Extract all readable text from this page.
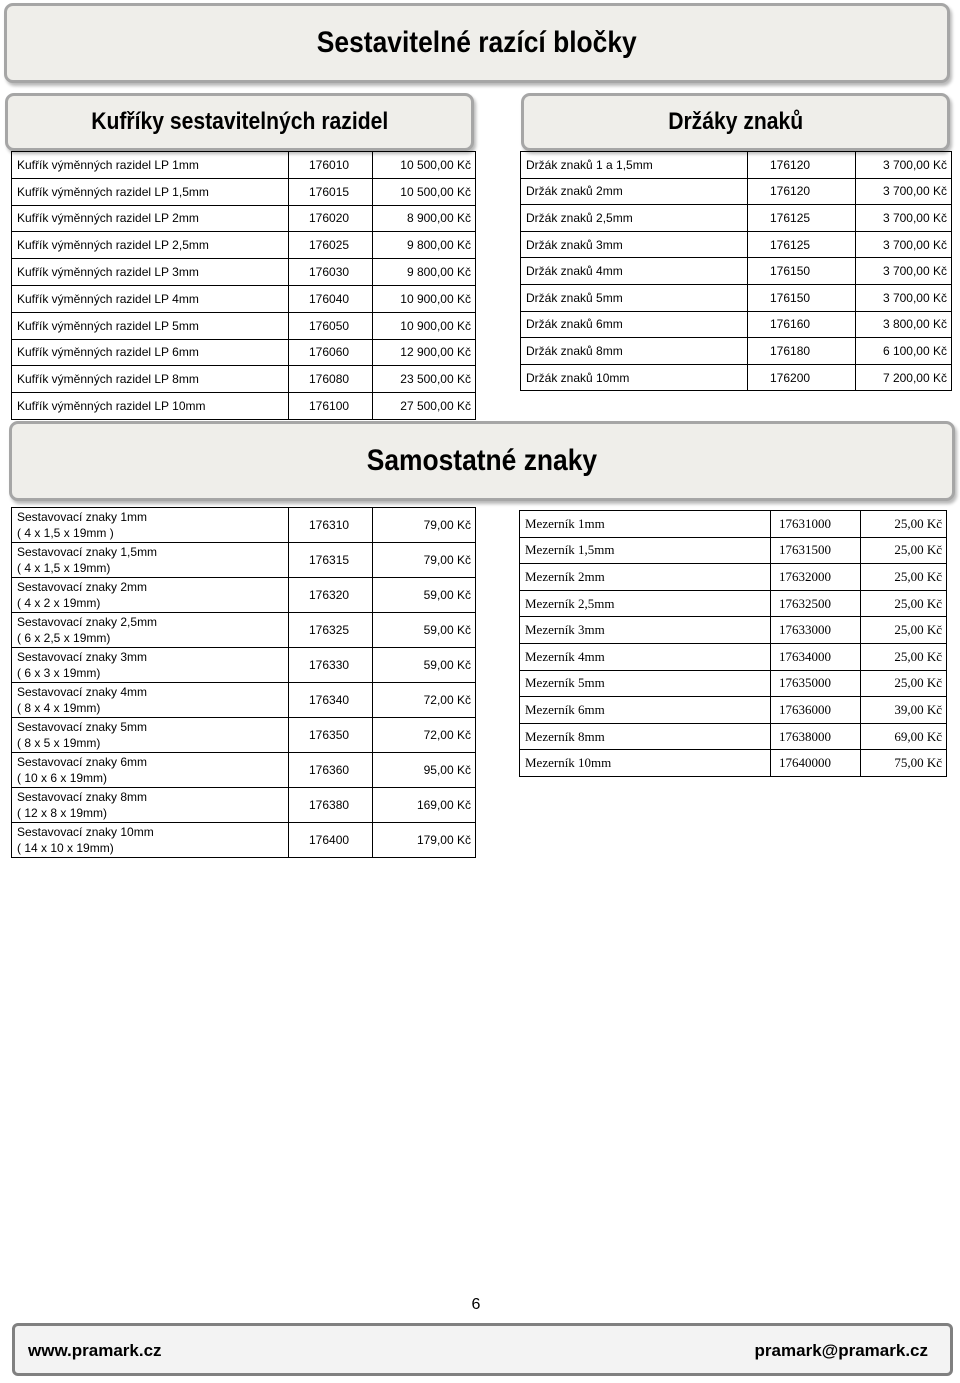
Sestavitelné razící bločky
Kufříky sestavitelných razidel	Držáky znaků
Kufřík výměnných razidel LP 1mm	176010	10 500,00 Kč
Kufřík výměnných razidel LP 1,5mm	176015	10 500,00 Kč
Kufřík výměnných razidel LP 2mm	176020	8 900,00 Kč
Kufřík výměnných razidel LP 2,5mm	176025	9 800,00 Kč
Kufřík výměnných razidel LP 3mm	176030	9 800,00 Kč
Kufřík výměnných razidel LP 4mm	176040	10 900,00 Kč
Kufřík výměnných razidel LP 5mm	176050	10 900,00 Kč
Kufřík výměnných razidel LP 6mm	176060	12 900,00 Kč
Kufřík výměnných razidel LP 8mm	176080	23 500,00 Kč
Kufřík výměnných razidel LP 10mm	176100	27 500,00 Kč
Držák znaků 1 a 1,5mm	176120	3 700,00 Kč
Držák znaků 2mm	176120	3 700,00 Kč
Držák znaků 2,5mm	176125	3 700,00 Kč
Držák znaků 3mm	176125	3 700,00 Kč
Držák znaků 4mm	176150	3 700,00 Kč
Držák znaků 5mm	176150	3 700,00 Kč
Držák znaků 6mm	176160	3 800,00 Kč
Držák znaků 8mm	176180	6 100,00 Kč
Držák znaků 10mm	176200	7 200,00 Kč
Samostatné znaky
Sestavovací znaky 1mm
( 4 x 1,5 x 19mm )	176310	79,00 Kč

Sestavovací znaky 1,5mm
( 4 x 1,5 x 19mm)	176315	79,00 Kč

Sestavovací znaky 2mm
( 4 x 2 x 19mm)	176320	59,00 Kč

Sestavovací znaky 2,5mm
( 6 x 2,5 x 19mm)	176325	59,00 Kč

Sestavovací znaky 3mm
( 6 x 3 x 19mm)	176330	59,00 Kč

Sestavovací znaky 4mm
( 8 x 4 x 19mm)	176340	72,00 Kč

Sestavovací znaky 5mm
( 8 x 5 x 19mm)	176350	72,00 Kč

Sestavovací znaky 6mm
( 10 x 6 x 19mm)	176360	95,00 Kč

Sestavovací znaky 8mm
( 12 x 8 x 19mm)	176380	169,00 Kč

Sestavovací znaky 10mm
( 14 x 10 x 19mm)	176400	179,00 Kč
Mezerník 1mm	17631000	25,00 Kč
Mezerník 1,5mm	17631500	25,00 Kč
Mezerník 2mm	17632000	25,00 Kč
Mezerník 2,5mm	17632500	25,00 Kč
Mezerník 3mm	17633000	25,00 Kč
Mezerník 4mm	17634000	25,00 Kč
Mezerník 5mm	17635000	25,00 Kč
Mezerník 6mm	17636000	39,00 Kč
Mezerník 8mm	17638000	69,00 Kč
Mezerník 10mm	17640000	75,00 Kč
6
www.pramark.cz	pramark@pramark.cz
